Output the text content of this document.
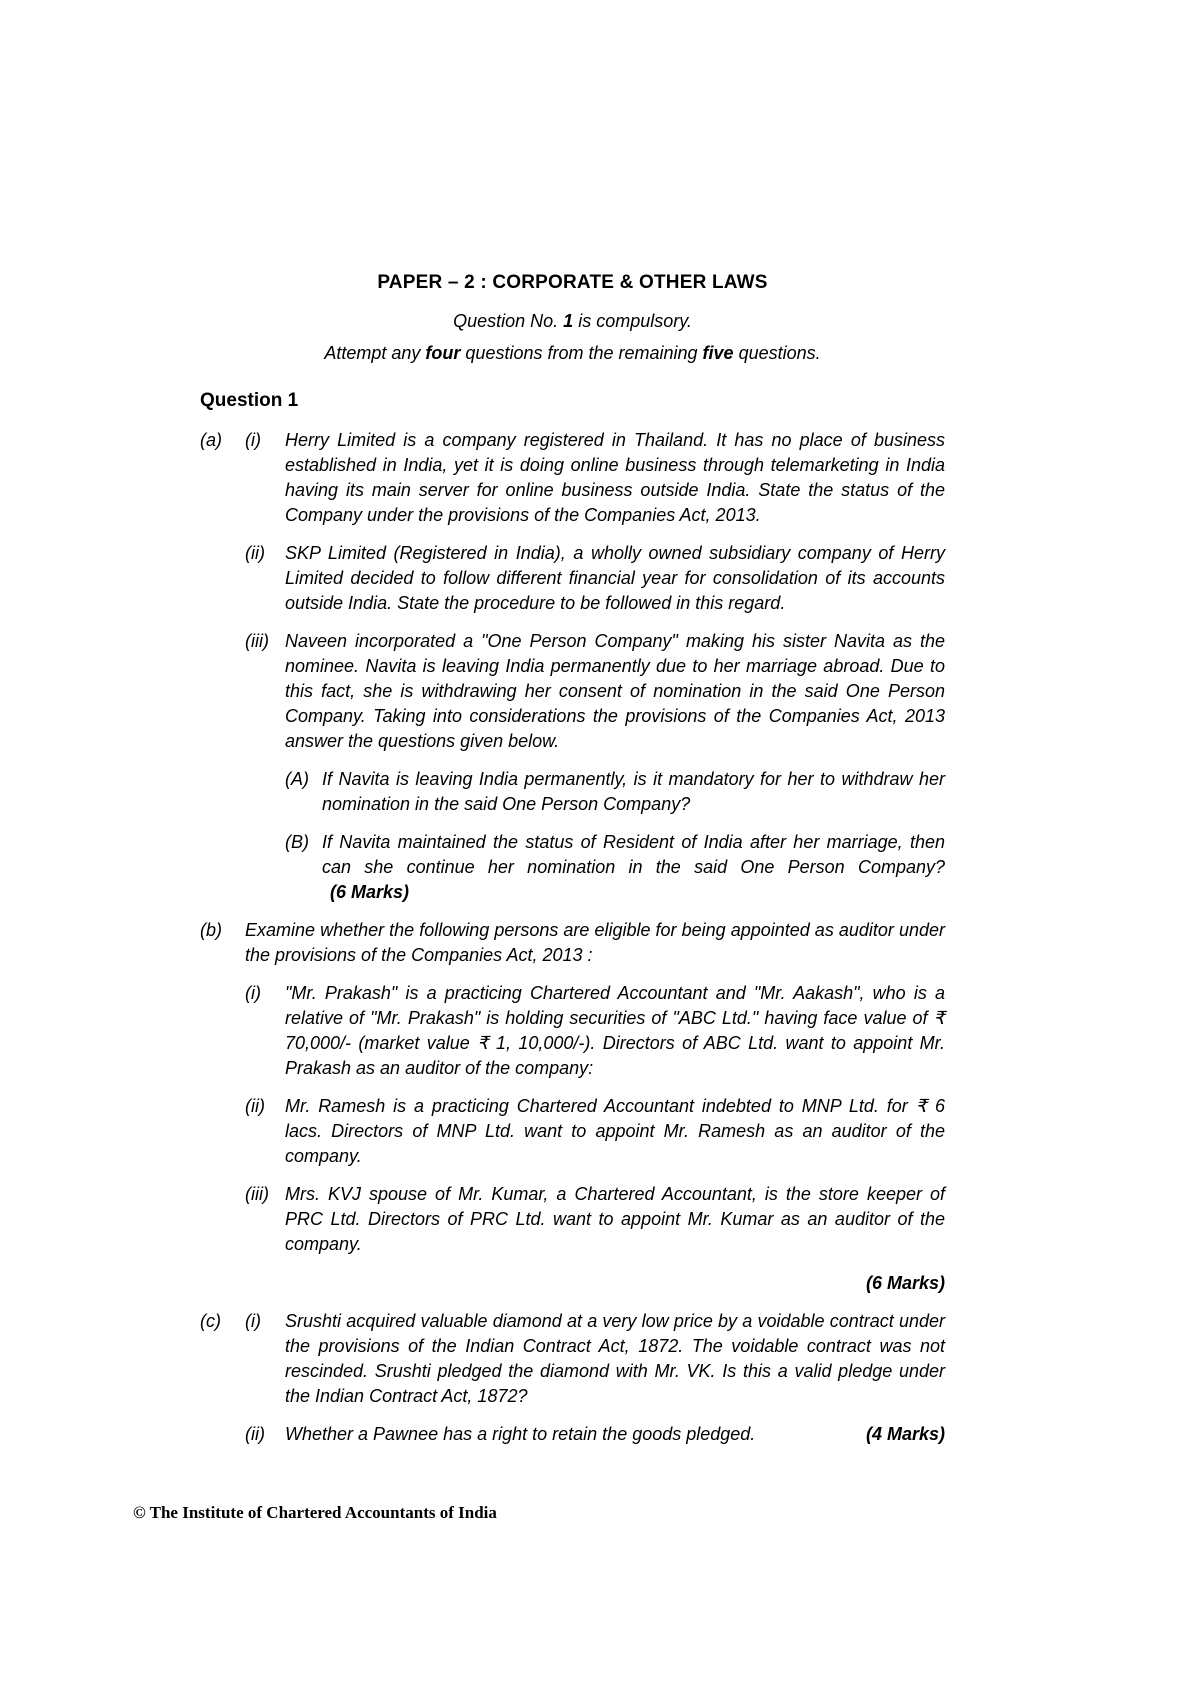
PAPER – 2 : CORPORATE & OTHER LAWS

Question No. 1 is compulsory.

Attempt any four questions from the remaining five questions.

Question 1
(a)	(i)	Herry Limited is a company registered in Thailand. It has no place of business established in India, yet it is doing online business through telemarketing in India having its main server for online business outside India. State the status of the Company under the provisions of the Companies Act, 2013.

(ii)	SKP Limited (Registered in India), a wholly owned subsidiary company of Herry Limited decided to follow different financial year for consolidation of its accounts outside India. State the procedure to be followed in this regard.

(iii) Naveen incorporated a "One Person Company" making his sister Navita as the nominee. Navita is leaving India permanently due to her marriage abroad. Due to this fact, she is withdrawing her consent of nomination in the said One Person Company. Taking into considerations the provisions of the Companies Act, 2013 answer the questions given below.

(A) If Navita is leaving India permanently, is it mandatory for her to withdraw her nomination in the said One Person Company?

(B) If Navita maintained the status of Resident of India after her marriage, then can she continue her nomination in the said One Person Company?(6 Marks)

(b)	Examine whether the following persons are eligible for being appointed as auditor under the provisions of the Companies Act, 2013 :

(i)	"Mr. Prakash" is a practicing Chartered Accountant and "Mr. Aakash", who is a relative of "Mr. Prakash" is holding securities of "ABC Ltd." having face value of ₹ 70,000/- (market value ₹ 1, 10,000/-). Directors of ABC Ltd. want to appoint Mr. Prakash as an auditor of the company:

(ii)	Mr. Ramesh is a practicing Chartered Accountant indebted to MNP Ltd. for ₹ 6 lacs. Directors of MNP Ltd. want to appoint Mr. Ramesh as an auditor of the company.

(iii) Mrs. KVJ spouse of Mr. Kumar, a Chartered Accountant, is the store keeper of PRC Ltd. Directors of PRC Ltd. want to appoint Mr. Kumar as an auditor of the company.

(6 Marks)
(c)	(i)	Srushti acquired valuable diamond at a very low price by a voidable contract under the provisions of the Indian Contract Act, 1872. The voidable contract was not rescinded. Srushti pledged the diamond with Mr. VK. Is this a valid pledge under the Indian Contract Act, 1872?

(ii)	Whether a Pawnee has a right to retain the goods pledged.	(4 Marks)
© The Institute of Chartered Accountants of India
